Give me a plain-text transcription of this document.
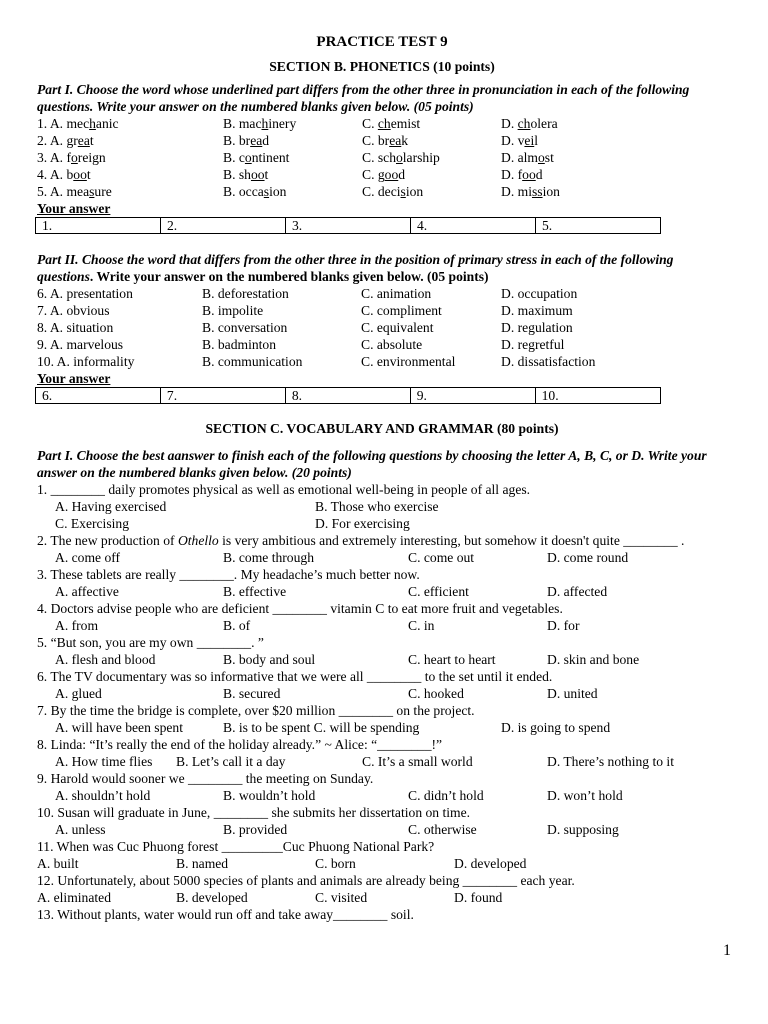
PRACTICE TEST 9
SECTION B. PHONETICS (10 points)
Part I. Choose the word whose underlined part differs from the other three in pronunciation in each of the following questions. Write your answer on the numbered blanks given below. (05 points)
1. A. mechanic	B. machinery	C. chemist	D. cholera
2. A. great	B. bread	C. break	D. veil
3. A. foreign	B. continent	C. scholarship	D. almost
4. A. boot	B. shoot	C. good	D. food
5. A. measure	B. occasion	C. decision	D. mission
Your answer
1.	2.	3.	4.	5.
Part II. Choose the word that differs from the other three in the position of primary stress in each of the following questions. Write your answer on the numbered blanks given below. (05 points)
6. A. presentation	B. deforestation	C. animation	D. occupation
7. A. obvious	B. impolite	C. compliment	D. maximum
8. A. situation	B. conversation	C. equivalent	D. regulation
9. A. marvelous	B. badminton	C. absolute	D. regretful
10. A. informality	B. communication	C. environmental	D. dissatisfaction
Your answer
6.	7.	8.	9.	10.
SECTION C. VOCABULARY AND GRAMMAR (80 points)
Part I. Choose the best aanswer to finish each of the following questions by choosing the letter A, B, C, or D. Write your answer on the numbered blanks given below. (20 points)
1. ________ daily promotes physical as well as emotional well-being in people of all ages.
A. Having exercised	B. Those who exercise
C. Exercising	D. For exercising
2. The new production of Othello is very ambitious and extremely interesting, but somehow it doesn't quite ________ .
A. come off	B. come through	C. come out	D. come round
3. These tablets are really ________. My headache’s much better now.
A. affective	B. effective	C. efficient	D. affected
4. Doctors advise people who are deficient ________ vitamin C to eat more fruit and vegetables.
A. from	B. of	C. in	D. for
5. “But son, you are my own ________. ”
A. flesh and blood	B. body and soul	C. heart to heart	D. skin and bone
6. The TV documentary was so informative that we were all ________ to the set until it ended.
A. glued	B. secured	C. hooked	D. united
7. By the time the bridge is complete, over $20 million ________ on the project.
A. will have been spent	B. is to be spent C. will be spending	D. is going to spend
8. Linda: “It’s really the end of the holiday already.” ~ Alice: “________!”
A. How time flies B. Let’s call it a day	C. It’s a small world	D. There’s nothing to it
9. Harold would sooner we ________ the meeting on Sunday.
A. shouldn’t hold	B. wouldn’t hold	C. didn’t hold	D. won’t hold
10. Susan will graduate in June, ________ she submits her dissertation on time.
A. unless	B. provided	C. otherwise	D. supposing
11. When was Cuc Phuong forest _________Cuc Phuong National Park?
A. built	B. named	C. born	D. developed
12. Unfortunately, about 5000 species of plants and animals are already being ________ each year.
A. eliminated	B. developed	C. visited	D. found
13. Without plants, water would run off and take away________ soil.
1
